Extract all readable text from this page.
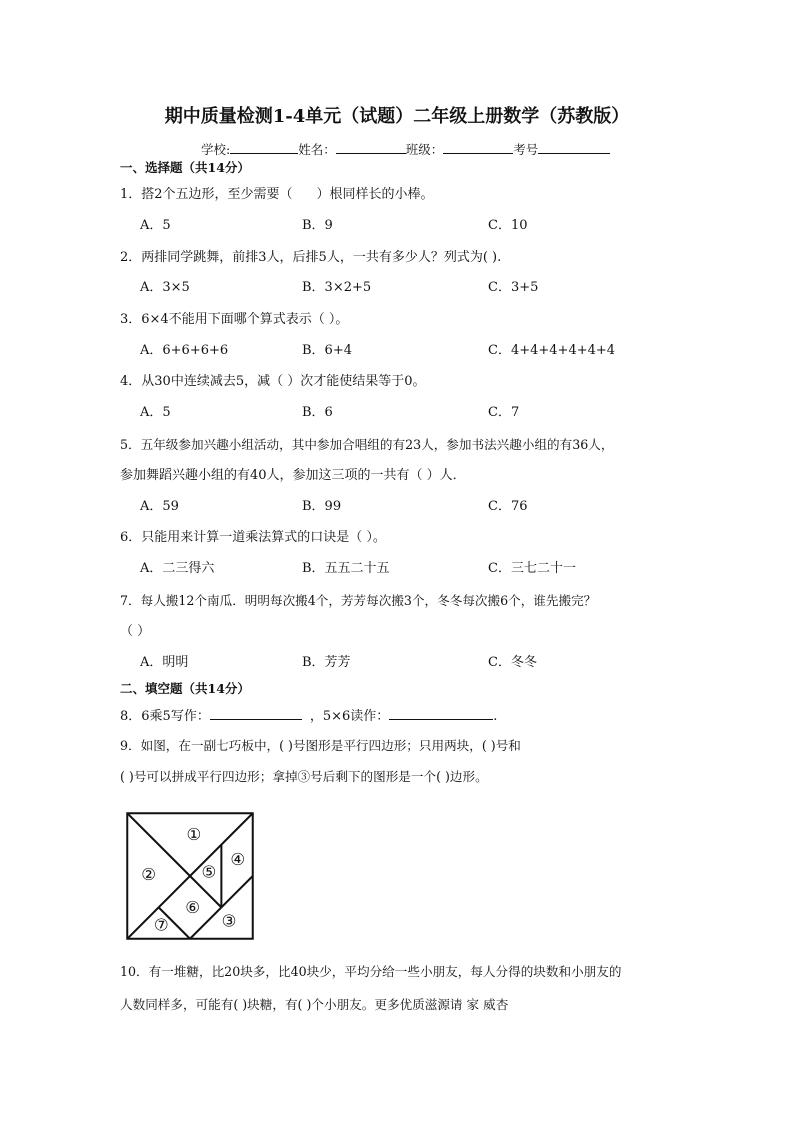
期中质量检测1-4单元（试题）二年级上册数学（苏教版）
学校:	姓名：	班级：	考号
一、选择题（共14分）
1．搭2个五边形，至少需要（ ）根同样长的小棒。
A．5	B．9	C．10
2．两排同学跳舞，前排3人，后排5人，一共有多少人？列式为( ).
A．3×5	B．3×2+5	C．3+5
3．6×4不能用下面哪个算式表示（ ）。
A．6+6+6+6	B．6+4	C．4+4+4+4+4+4
4．从30中连续减去5，减（ ）次才能使结果等于0。
A．5	B．6	C．7
5．五年级参加兴趣小组活动，其中参加合唱组的有23人，参加书法兴趣小组的有36人，
参加舞蹈兴趣小组的有40人，参加这三项的一共有（ ）人．
A．59	B．99	C．76
6．只能用来计算一道乘法算式的口诀是（ ）。
A．二三得六	B．五五二十五	C．三七二十一
7．每人搬12个南瓜．明明每次搬4个，芳芳每次搬3个，冬冬每次搬6个，谁先搬完？
（ ）
A．明明	B．芳芳	C．冬冬
二、填空题（共14分）
8．6乘5写作：	，5×6读作：	.
9．如图，在一副七巧板中，( )号图形是平行四边形；只用两块，( )号和
( )号可以拼成平行四边形；拿掉③号后剩下的图形是一个( )边形。
①
②
③
④
⑤
⑥
⑦
10．有一堆糖，比20块多，比40块少，平均分给一些小朋友，每人分得的块数和小朋友的
人数同样多，可能有( )块糖，有( )个小朋友。更多优质滋源请 家 威杏
